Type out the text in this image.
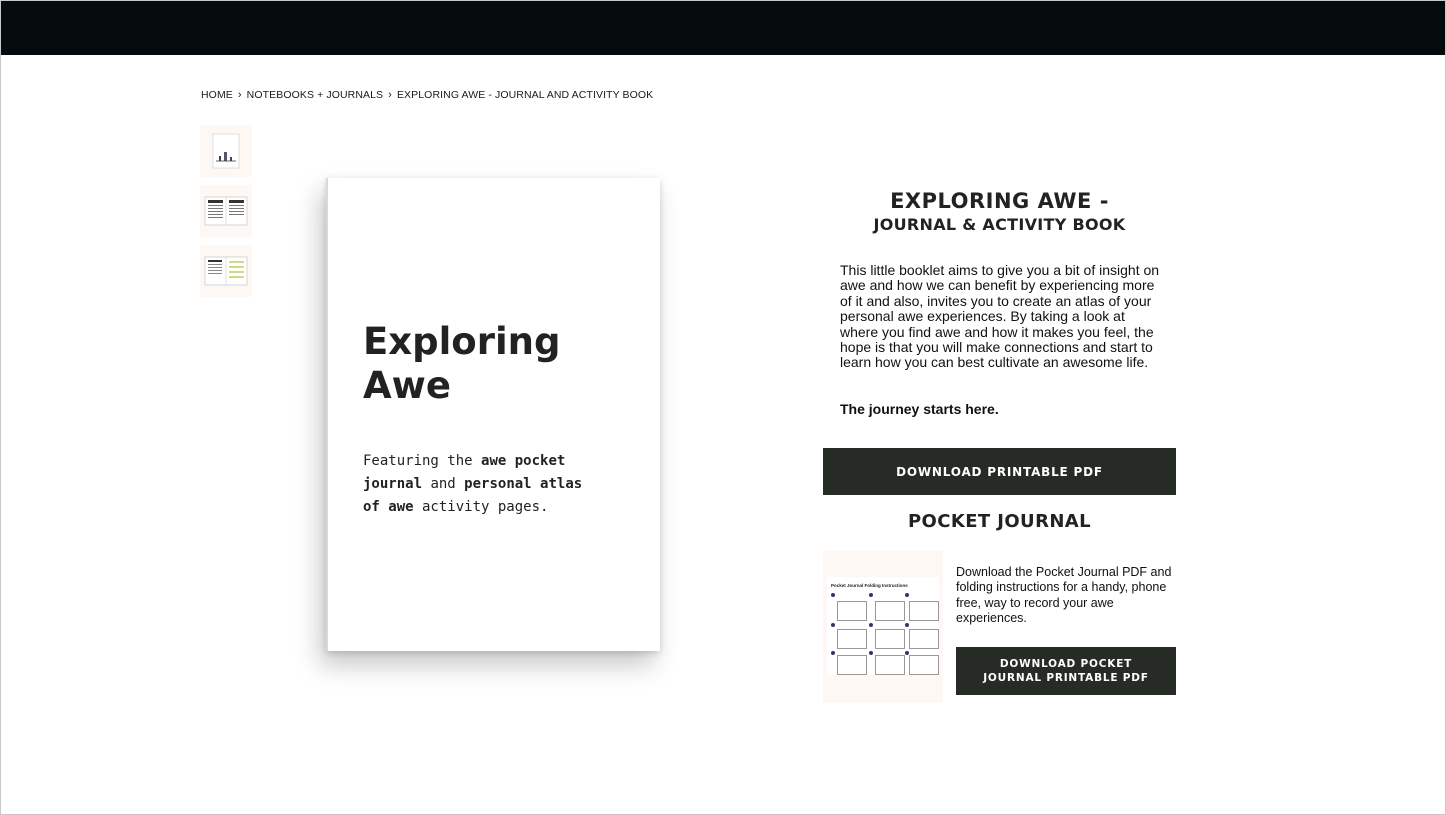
HOME › NOTEBOOKS + JOURNALS › EXPLORING AWE - JOURNAL AND ACTIVITY BOOK
Exploring
Awe
Featuring the awe pocket journal and personal atlas of awe activity pages.
EXPLORING AWE -
JOURNAL & ACTIVITY BOOK

This little booklet aims to give you a bit of insight on awe and how we can benefit by experiencing more of it and also, invites you to create an atlas of your personal awe experiences. By taking a look at where you find awe and how it makes you feel, the hope is that you will make connections and start to learn how you can best cultivate an awesome life.

The journey starts here.

DOWNLOAD PRINTABLE PDF
POCKET JOURNAL
Pocket Journal Folding Instructions

Download the Pocket Journal PDF and folding instructions for a handy, phone free, way to record your awe experiences.

DOWNLOAD POCKET JOURNAL PRINTABLE PDF
